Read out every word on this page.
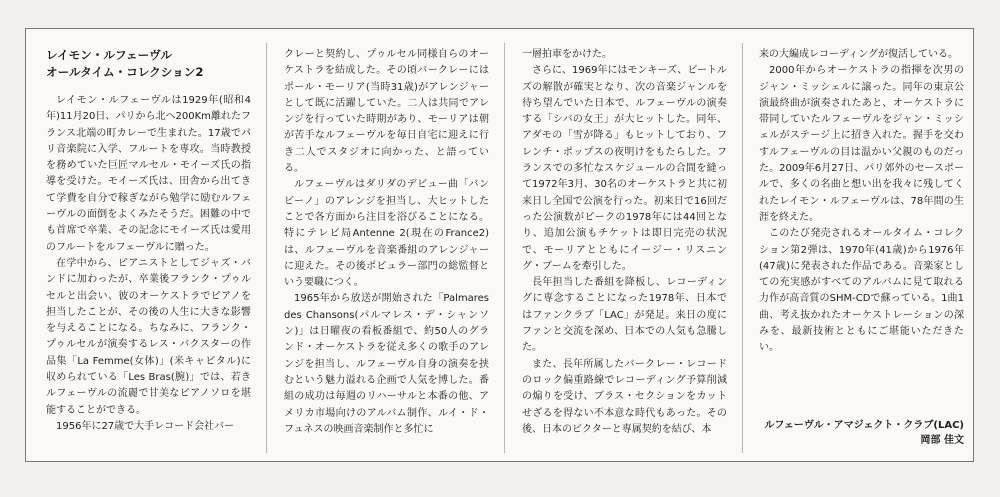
レイモン・ルフェーヴル
オールタイム・コレクション2

レイモン・ルフェーヴルは1929年(昭和4年)11月20日、パリから北へ200Km離れたフランス北端の町カレーで生まれた。17歳でパリ音楽院に入学、フルートを専攻。当時教授を務めていた巨匠マルセル・モイーズ氏の指導を受けた。モイーズ氏は、田舎から出てきて学費を自分で稼ぎながら勉学に励むルフェーヴルの面倒をよくみたそうだ。困難の中でも首席で卒業、その記念にモイーズ氏は愛用のフルートをルフェーヴルに贈った。

在学中から、ピアニストとしてジャズ・バンドに加わったが、卒業後フランク・プゥルセルと出会い、彼のオーケストラでピアノを担当したことが、その後の人生に大きな影響を与えることになる。ちなみに、フランク・プゥルセルが演奏するレス・バクスターの作品集「La Femme(女体)」(米キャピタル)に収められている「Les Bras(腕)」では、若きルフェーヴルの流麗で甘美なピアノソロを堪能することができる。

1956年に27歳で大手レコード会社バー

クレーと契約し、プゥルセル同様自らのオーケストラを結成した。その頃バークレーにはポール・モーリア(当時31歳)がアレンジャーとして既に活躍していた。二人は共同でアレンジを行っていた時期があり、モーリアは朝が苦手なルフェーヴルを毎日自宅に迎えに行き二人でスタジオに向かった、と語っている。

ルフェーヴルはダリダのデビュー曲「バンビーノ」のアレンジを担当し、大ヒットしたことで各方面から注目を浴びることになる。特にテレビ局Antenne 2(現在のFrance2)は、ルフェーヴルを音楽番組のアレンジャーに迎えた。その後ポピュラー部門の総監督という要職につく。

1965年から放送が開始された「Palmares des Chansons(パルマレス・デ・シャンソン)」は日曜夜の看板番組で、約50人のグランド・オーケストラを従え多くの歌手のアレンジを担当し、ルフェーヴル自身の演奏を挟むという魅力溢れる企画で人気を博した。番組の成功は毎週のリハーサルと本番の他、アメリカ市場向けのアルバム制作、ルイ・ド・フュネスの映画音楽制作と多忙に

一層拍車をかけた。

さらに、1969年にはモンキーズ、ビートルズの解散が確実となり、次の音楽ジャンルを待ち望んでいた日本で、ルフェーヴルの演奏する「シバの女王」が大ヒットした。同年、アダモの「雪が降る」もヒットしており、フレンチ・ポップスの夜明けをもたらした。フランスでの多忙なスケジュールの合間を縫って1972年3月、30名のオーケストラと共に初来日し全国で公演を行った。初来日で16回だった公演数がピークの1978年には44回となり、追加公演もチケットは即日完売の状況で、モーリアとともにイージー・リスニング・ブームを牽引した。

長年担当した番組を降板し、レコーディングに専念することになった1978年、日本ではファンクラブ「LAC」が発足。来日の度にファンと交流を深め、日本での人気も急騰した。

また、長年所属したバークレー・レコードのロック偏重路線でレコーディング予算削減の煽りを受け、ブラス・セクションをカットせざるを得ない不本意な時代もあった。その後、日本のビクターと専属契約を結び、本

来の大編成レコーディングが復活している。

2000年からオーケストラの指揮を次男のジャン・ミッシェルに譲った。同年の東京公演最終曲が演奏されたあと、オーケストラに帯同していたルフェーヴルをジャン・ミッシェルがステージ上に招き入れた。握手を交わすルフェーヴルの目は温かい父親のものだった。2009年6月27日、パリ郊外のセースポールで、多くの名曲と想い出を我々に残してくれたレイモン・ルフェーヴルは、78年間の生涯を終えた。

このたび発売されるオールタイム・コレクション第2弾は、1970年(41歳)から1976年(47歳)に発表された作品である。音楽家としての充実感がすべてのアルバムに見て取れる力作が高音質のSHM-CDで蘇っている。1曲1曲、考え抜かれたオーケストレーションの深みを、最新技術とともにご堪能いただきたい。

ルフェーヴル・アマジェクト・クラブ(LAC)
岡部 佳文
